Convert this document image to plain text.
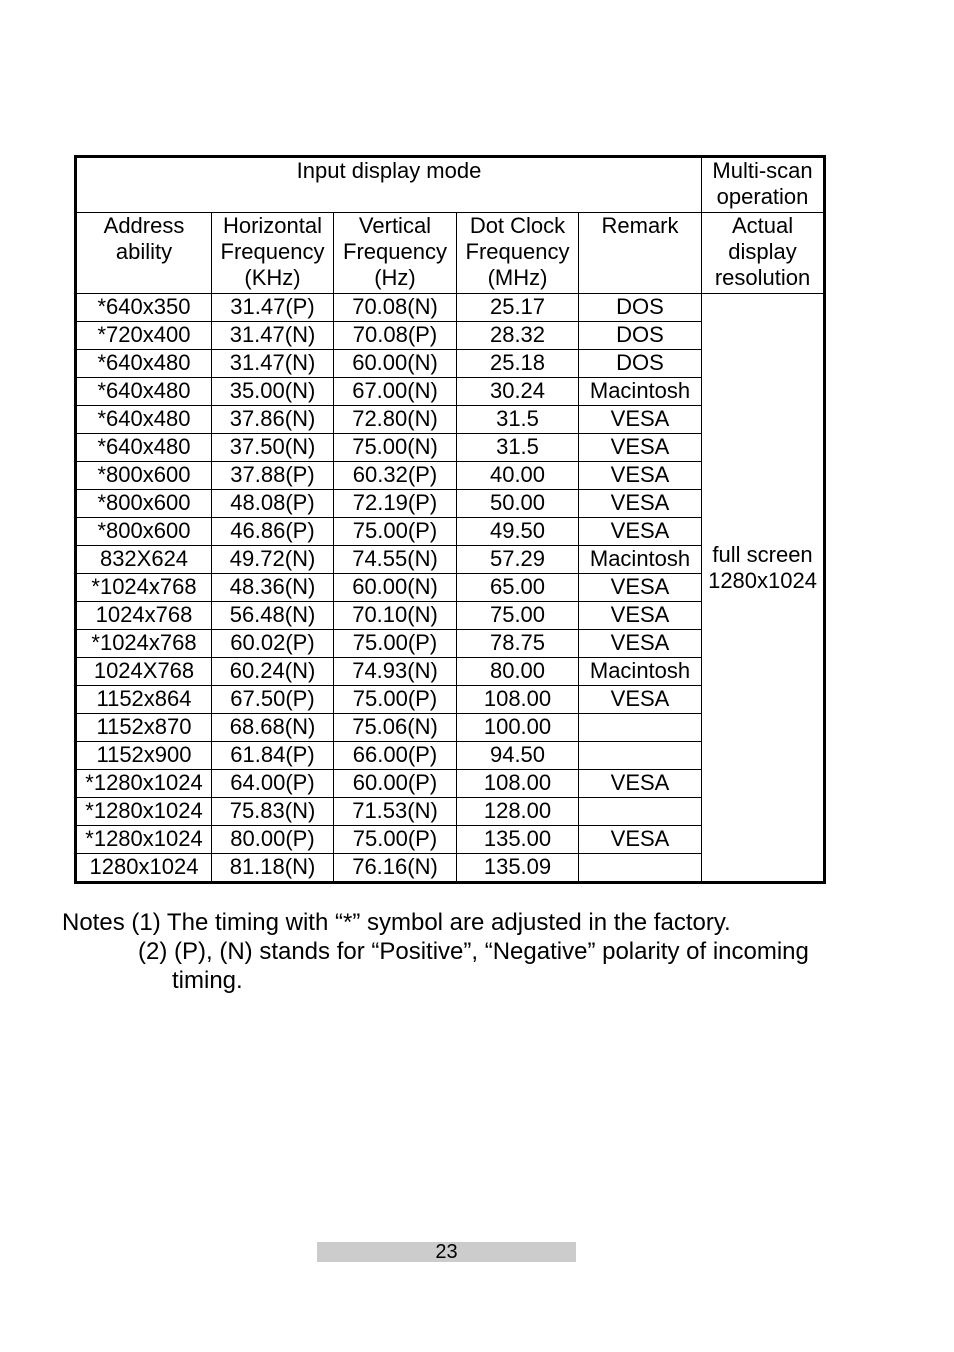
Input display mode					Multi-scan operation
Address ability	Horizontal Frequency (KHz)	Vertical Frequency (Hz)	Dot Clock Frequency (MHz)	Remark	Actual display resolution
*640x350	31.47(P)	70.08(N)	25.17	DOS	full screen 1280x1024
*720x400	31.47(N)	70.08(P)	28.32	DOS	
*640x480	31.47(N)	60.00(N)	25.18	DOS	
*640x480	35.00(N)	67.00(N)	30.24	Macintosh	
*640x480	37.86(N)	72.80(N)	31.5	VESA	
*640x480	37.50(N)	75.00(N)	31.5	VESA	
*800x600	37.88(P)	60.32(P)	40.00	VESA	
*800x600	48.08(P)	72.19(P)	50.00	VESA	
*800x600	46.86(P)	75.00(P)	49.50	VESA	
832X624	49.72(N)	74.55(N)	57.29	Macintosh	
*1024x768	48.36(N)	60.00(N)	65.00	VESA	
1024x768	56.48(N)	70.10(N)	75.00	VESA	
*1024x768	60.02(P)	75.00(P)	78.75	VESA	
1024X768	60.24(N)	74.93(N)	80.00	Macintosh	
1152x864	67.50(P)	75.00(P)	108.00	VESA	
1152x870	68.68(N)	75.06(N)	100.00		
1152x900	61.84(P)	66.00(P)	94.50		
*1280x1024	64.00(P)	60.00(P)	108.00	VESA	
*1280x1024	75.83(N)	71.53(N)	128.00		
*1280x1024	80.00(P)	75.00(P)	135.00	VESA	
1280x1024	81.18(N)	76.16(N)	135.09		
Notes (1) The timing with “*” symbol are adjusted in the factory.
(2) (P), (N) stands for “Positive”, “Negative” polarity of incoming
timing.
23
